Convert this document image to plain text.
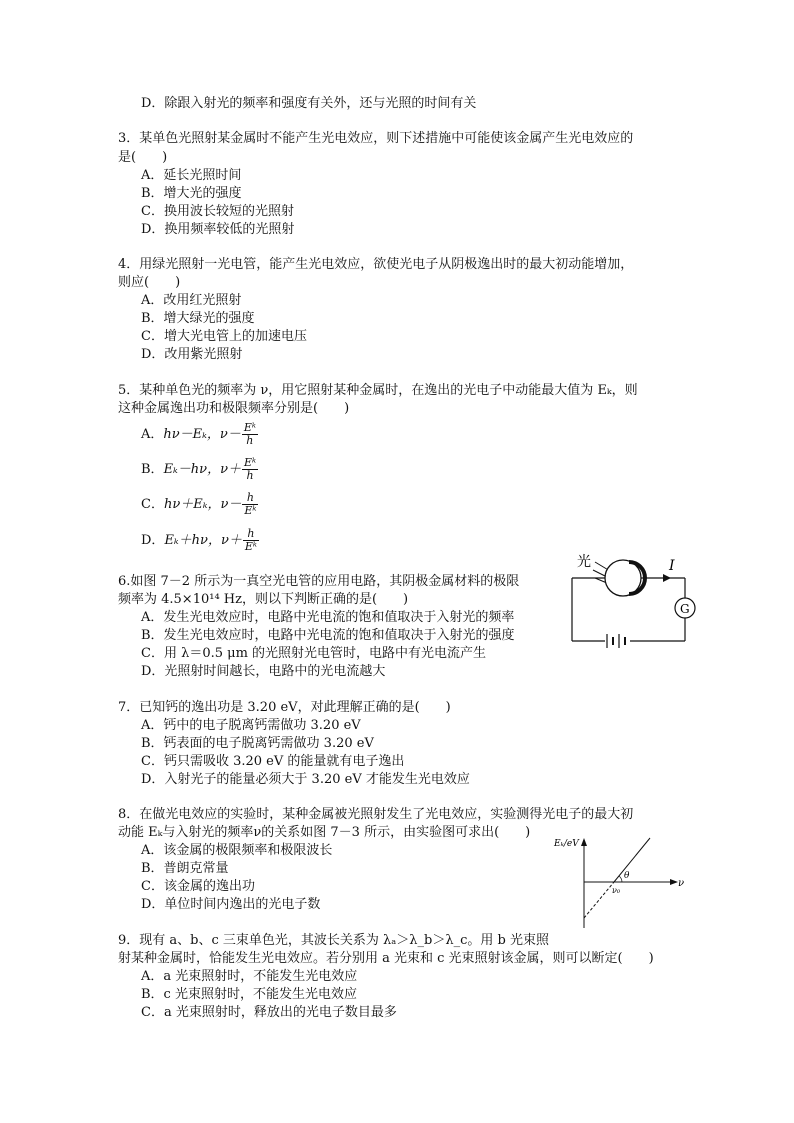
D．除跟入射光的频率和强度有关外，还与光照的时间有关
3．某单色光照射某金属时不能产生光电效应，则下述措施中可能使该金属产生光电效应的
是(　　)
A．延长光照时间
B．增大光的强度
C．换用波长较短的光照射
D．换用频率较低的光照射
4．用绿光照射一光电管，能产生光电效应，欲使光电子从阴极逸出时的最大初动能增加，
则应(　　)
A．改用红光照射
B．增大绿光的强度
C．增大光电管上的加速电压
D．改用紫光照射
5．某种单色光的频率为 ν，用它照射某种金属时，在逸出的光电子中动能最大值为 Eₖ，则
这种金属逸出功和极限频率分别是(　　)
A．hν－Eₖ，$\nu- \frac{\text{Eᵏ}}{h}$
B．Eₖ－hν，$\nu+ \frac{\text{Eᵏ}}{h}$
C．hν＋Eₖ，$\nu- \frac{h}{\text{Eᵏ}}$
D．Eₖ＋hν，$\nu+ \frac{h}{\text{Eᵏ}}$
6.如图 7－2 所示为一真空光电管的应用电路，其阴极金属材料的极限
频率为 4.5×10¹⁴ Hz，则以下判断正确的是(　　)
A．发生光电效应时，电路中光电流的饱和值取决于入射光的频率
B．发生光电效应时，电路中光电流的饱和值取决于入射光的强度
C．用 λ＝0.5 μm 的光照射光电管时，电路中有光电流产生
D．光照射时间越长，电路中的光电流越大
光	I
G
7．已知钙的逸出功是 3.20 eV，对此理解正确的是(　　)
A．钙中的电子脱离钙需做功 3.20 eV
B．钙表面的电子脱离钙需做功 3.20 eV
C．钙只需吸收 3.20 eV 的能量就有电子逸出
D．入射光子的能量必须大于 3.20 eV 才能发生光电效应
8．在做光电效应的实验时，某种金属被光照射发生了光电效应，实验测得光电子的最大初
动能 Eₖ与入射光的频率ν的关系如图 7－3 所示，由实验图可求出(　　)
A．该金属的极限频率和极限波长
B．普朗克常量
C．该金属的逸出功
D．单位时间内逸出的光电子数
Eₖ/eV
ν
θ
ν₀
9．现有 a、b、c 三束单色光，其波长关系为 λₐ＞λ_b＞λ_c。用 b 光束照
射某种金属时，恰能发生光电效应。若分别用 a 光束和 c 光束照射该金属，则可以断定(　　)
A．a 光束照射时，不能发生光电效应
B．c 光束照射时，不能发生光电效应
C．a 光束照射时，释放出的光电子数目最多
